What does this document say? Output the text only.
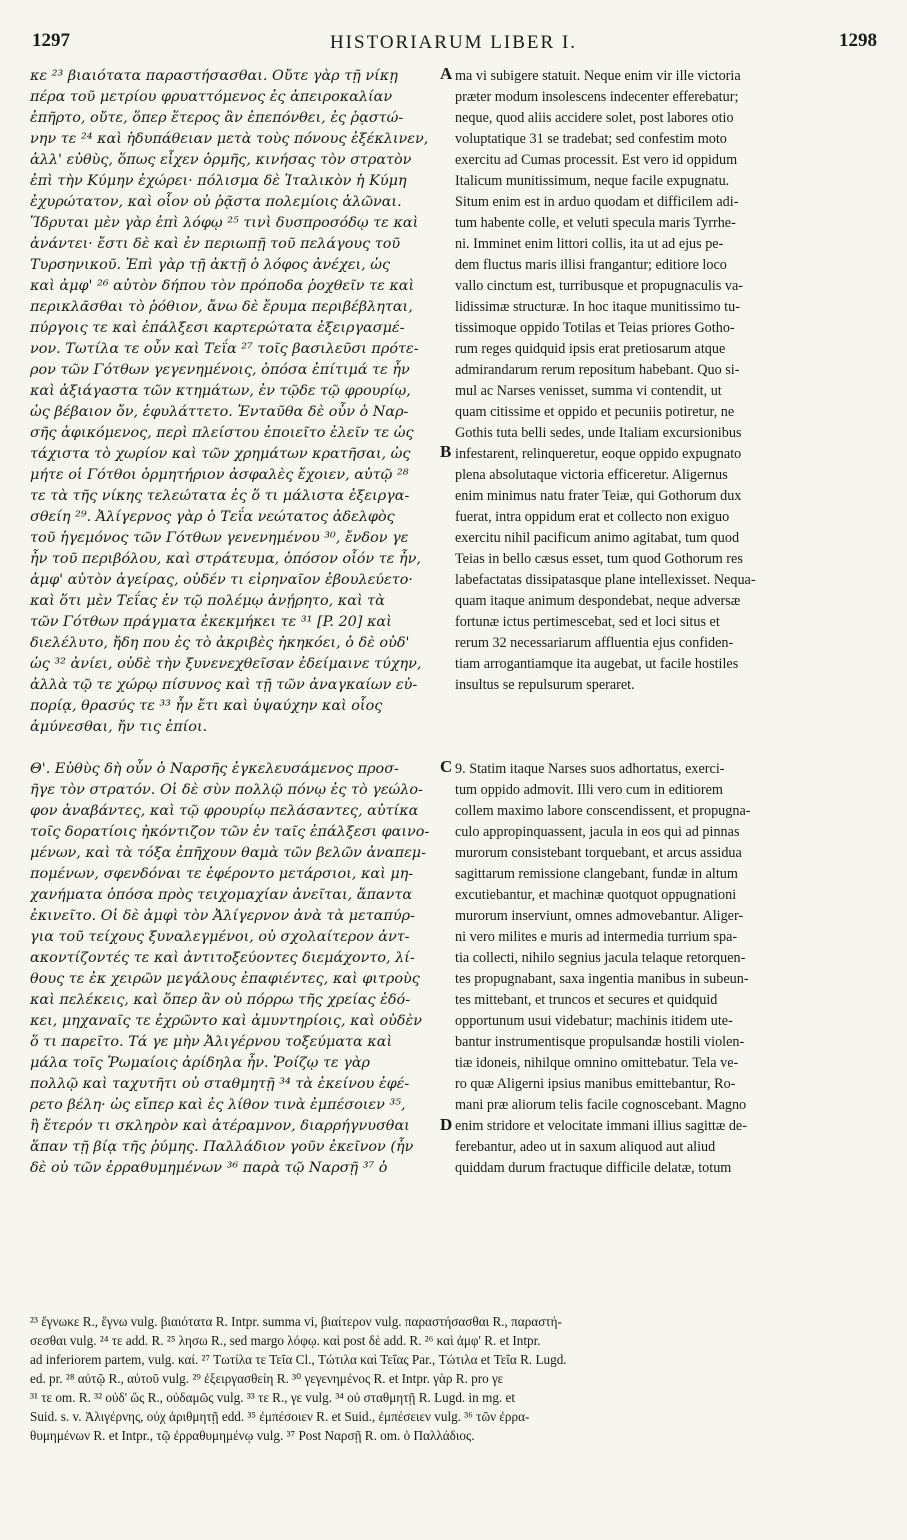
1297	HISTORIARUM LIBER I.	1298

κε ²³ βιαιότατα παραστήσασθαι. Οὔτε γὰρ τῇ νίκῃ

πέρα τοῦ μετρίου φρυαττόμενος ἐς ἀπειροκαλίαν

ἐπῆρτο, οὔτε, ὅπερ ἕτερος ἂν ἐπεπόνθει, ἐς ῥᾳστώ-

νην τε ²⁴ καὶ ἡδυπάθειαν μετὰ τοὺς πόνους ἐξέκλινεν,

ἀλλ' εὐθὺς, ὅπως εἶχεν ὁρμῆς, κινήσας τὸν στρατὸν

ἐπὶ τὴν Κύμην ἐχώρει· πόλισμα δὲ Ἰταλικὸν ἡ Κύμη

ἐχυρώτατον, καὶ οἷον οὐ ῥᾷστα πολεμίοις ἁλῶναι.

Ἵδρυται μὲν γὰρ ἐπὶ λόφῳ ²⁵ τινὶ δυσπροσόδῳ τε καὶ

ἀνάντει· ἔστι δὲ καὶ ἐν περιωπῇ τοῦ πελάγους τοῦ

Τυρσηνικοῦ. Ἐπὶ γὰρ τῇ ἀκτῇ ὁ λόφος ἀνέχει, ὡς

καὶ ἀμφ' ²⁶ αὐτὸν δήπου τὸν πρόποδα ῥοχθεῖν τε καὶ

περικλᾶσθαι τὸ ῥόθιον, ἄνω δὲ ἔρυμα περιβέβληται,

πύργοις τε καὶ ἐπάλξεσι καρτερώτατα ἐξειργασμέ-

νον. Τωτίλα τε οὖν καὶ Τεΐα ²⁷ τοῖς βασιλεῦσι πρότε-

ρον τῶν Γότθων γεγενημένοις, ὁπόσα ἐπίτιμά τε ἦν

καὶ ἀξιάγαστα τῶν κτημάτων, ἐν τῷδε τῷ φρουρίῳ,

ὡς βέβαιον ὄν, ἐφυλάττετο. Ἐνταῦθα δὲ οὖν ὁ Ναρ-

σῆς ἀφικόμενος, περὶ πλείστου ἐποιεῖτο ἑλεῖν τε ὡς

τάχιστα τὸ χωρίον καὶ τῶν χρημάτων κρατῆσαι, ὡς

μήτε οἱ Γότθοι ὁρμητήριον ἀσφαλὲς ἔχοιεν, αὐτῷ ²⁸

τε τὰ τῆς νίκης τελεώτατα ἐς ὅ τι μάλιστα ἐξειργα-

σθείη ²⁹. Ἀλίγερνος γὰρ ὁ Τεΐα νεώτατος ἀδελφὸς

τοῦ ἡγεμόνος τῶν Γότθων γενενημένου ³⁰, ἔνδον γε

ἦν τοῦ περιβόλου, καὶ στράτευμα, ὁπόσον οἷόν τε ἦν,

ἀμφ' αὐτὸν ἀγείρας, οὐδέν τι εἰρηναῖον ἐβουλεύετο·

καὶ ὅτι μὲν Τεΐας ἐν τῷ πολέμῳ ἀνῄρητο, καὶ τὰ

τῶν Γότθων πράγματα ἐκεκμήκει τε ³¹ [P. 20] καὶ

διελέλυτο, ἤδη που ἐς τὸ ἀκριβὲς ἠκηκόει, ὁ δὲ οὐδ'

ὡς ³² ἀνίει, οὐδὲ τὴν ξυνενεχθεῖσαν ἐδείμαινε τύχην,

ἀλλὰ τῷ τε χώρῳ πίσυνος καὶ τῇ τῶν ἀναγκαίων εὐ-

πορίᾳ, θρασύς τε ³³ ἦν ἔτι καὶ ὑψαύχην καὶ οἷος

ἀμύνεσθαι, ἤν τις ἐπίοι.

Θ'. Εὐθὺς δὴ οὖν ὁ Ναρσῆς ἐγκελευσάμενος προσ-

ῆγε τὸν στρατόν. Οἱ δὲ σὺν πολλῷ πόνῳ ἐς τὸ γεώλο-

φον ἀναβάντες, καὶ τῷ φρουρίῳ πελάσαντες, αὐτίκα

τοῖς δορατίοις ἠκόντιζον τῶν ἐν ταῖς ἐπάλξεσι φαινο-

μένων, καὶ τὰ τόξα ἐπῆχουν θαμὰ τῶν βελῶν ἀναπεμ-

πομένων, σφενδόναι τε ἐφέροντο μετάρσιοι, καὶ μη-

χανήματα ὁπόσα πρὸς τειχομαχίαν ἀνεῖται, ἅπαντα

ἐκινεῖτο. Οἱ δὲ ἀμφὶ τὸν Ἀλίγερνον ἀνὰ τὰ μεταπύρ-

για τοῦ τείχους ξυναλεγμένοι, οὐ σχολαίτερον ἀντ-

ακοντίζοντές τε καὶ ἀντιτοξεύοντες διεμάχοντο, λί-

θους τε ἐκ χειρῶν μεγάλους ἐπαφιέντες, καὶ φιτροὺς

καὶ πελέκεις, καὶ ὅπερ ἂν οὐ πόρρω τῆς χρείας ἐδό-

κει, μηχαναῖς τε ἐχρῶντο καὶ ἀμυντηρίοις, καὶ οὐδὲν

ὅ τι παρεῖτο. Τά γε μὴν Ἀλιγέρνου τοξεύματα καὶ

μάλα τοῖς Ῥωμαίοις ἀρίδηλα ἦν. Ῥοίζῳ τε γὰρ

πολλῷ καὶ ταχυτῆτι οὐ σταθμητῇ ³⁴ τὰ ἐκείνου ἐφέ-

ρετο βέλη· ὡς εἴπερ καὶ ἐς λίθον τινὰ ἐμπέσοιεν ³⁵,

ἢ ἕτερόν τι σκληρὸν καὶ ἀτέραμνον, διαρρήγνυσθαι

ἅπαν τῇ βίᾳ τῆς ῥύμης. Παλλάδιον γοῦν ἐκεῖνον (ἦν

δὲ οὐ τῶν ἐρραθυμημένων ³⁶ παρὰ τῷ Ναρσῇ ³⁷ ὁ

ma vi subigere statuit. Neque enim vir ille victoria

præter modum insolescens indecenter efferebatur;

neque, quod aliis accidere solet, post labores otio

voluptatique 31 se tradebat; sed confestim moto

exercitu ad Cumas processit. Est vero id oppidum

Italicum munitissimum, neque facile expugnatu.

Situm enim est in arduo quodam et difficilem adi-

tum habente colle, et veluti specula maris Tyrrhe-

ni. Imminet enim littori collis, ita ut ad ejus pe-

dem fluctus maris illisi frangantur; editiore loco

vallo cinctum est, turribusque et propugnaculis va-

lidissimæ structuræ. In hoc itaque munitissimo tu-

tissimoque oppido Totilas et Teias priores Gotho-

rum reges quidquid ipsis erat pretiosarum atque

admirandarum rerum repositum habebant. Quo si-

mul ac Narses venisset, summa vi contendit, ut

quam citissime et oppido et pecuniis potiretur, ne

Gothis tuta belli sedes, unde Italiam excursionibus

infestarent, relinqueretur, eoque oppido expugnato

plena absolutaque victoria efficeretur. Aligernus

enim minimus natu frater Teiæ, qui Gothorum dux

fuerat, intra oppidum erat et collecto non exiguo

exercitu nihil pacificum animo agitabat, tum quod

Teias in bello cæsus esset, tum quod Gothorum res

labefactatas dissipatasque plane intellexisset. Nequa-

quam itaque animum despondebat, neque adversæ

fortunæ ictus pertimescebat, sed et loci situs et

rerum 32 necessariarum affluentia ejus confiden-

tiam arrogantiamque ita augebat, ut facile hostiles

insultus se repulsurum speraret.

9. Statim itaque Narses suos adhortatus, exerci-

tum oppido admovit. Illi vero cum in editiorem

collem maximo labore conscendissent, et propugna-

culo appropinquassent, jacula in eos qui ad pinnas

murorum consistebant torquebant, et arcus assidua

sagittarum remissione clangebant, fundæ in altum

excutiebantur, et machinæ quotquot oppugnationi

murorum inserviunt, omnes admovebantur. Aliger-

ni vero milites e muris ad intermedia turrium spa-

tia collecti, nihilo segnius jacula telaque retorquen-

tes propugnabant, saxa ingentia manibus in subeun-

tes mittebant, et truncos et secures et quidquid

opportunum usui videbatur; machinis itidem ute-

bantur instrumentisque propulsandæ hostili violen-

tiæ idoneis, nihilque omnino omittebatur. Tela ve-

ro quæ Aligerni ipsius manibus emittebantur, Ro-

mani præ aliorum telis facile cognoscebant. Magno

enim stridore et velocitate immani illius sagittæ de-

ferebantur, adeo ut in saxum aliquod aut aliud

quiddam durum fractuque difficile delatæ, totum

A
B
C
D

²³ ἔγνωκε R., ἔγνω vulg. βιαιότατα R. Intpr. summa vi, βιαίτερον vulg. παραστήσασθαι R., παραστή-

σεσθαι vulg. ²⁴ τε add. R. ²⁵ λησω R., sed margo λόφῳ. καὶ post δὲ add. R. ²⁶ καὶ ἀμφ' R. et Intpr.

ad inferiorem partem, vulg. καί. ²⁷ Τωτίλα τε Τεΐα Cl., Τώτιλα καὶ Τεΐας Par., Τώτιλα et Τεΐα R. Lugd.

ed. pr. ²⁸ αὐτῷ R., αὐτοῦ vulg. ²⁹ ἐξειργασθείη R. ³⁰ γεγενημένος R. et Intpr. γὰρ R. pro γε

³¹ τε om. R. ³² οὐδ' ὥς R., οὐδαμῶς vulg. ³³ τε R., γε vulg. ³⁴ οὐ σταθμητῇ R. Lugd. in mg. et

Suid. s. v. Ἀλιγέρνης, οὐχ ἀριθμητῇ edd. ³⁵ ἐμπέσοιεν R. et Suid., ἐμπέσειεν vulg. ³⁶ τῶν ἐρρα-

θυμημένων R. et Intpr., τῷ ἐρραθυμημένῳ vulg. ³⁷ Post Ναρσῇ R. om. ὁ Παλλάδιος.
